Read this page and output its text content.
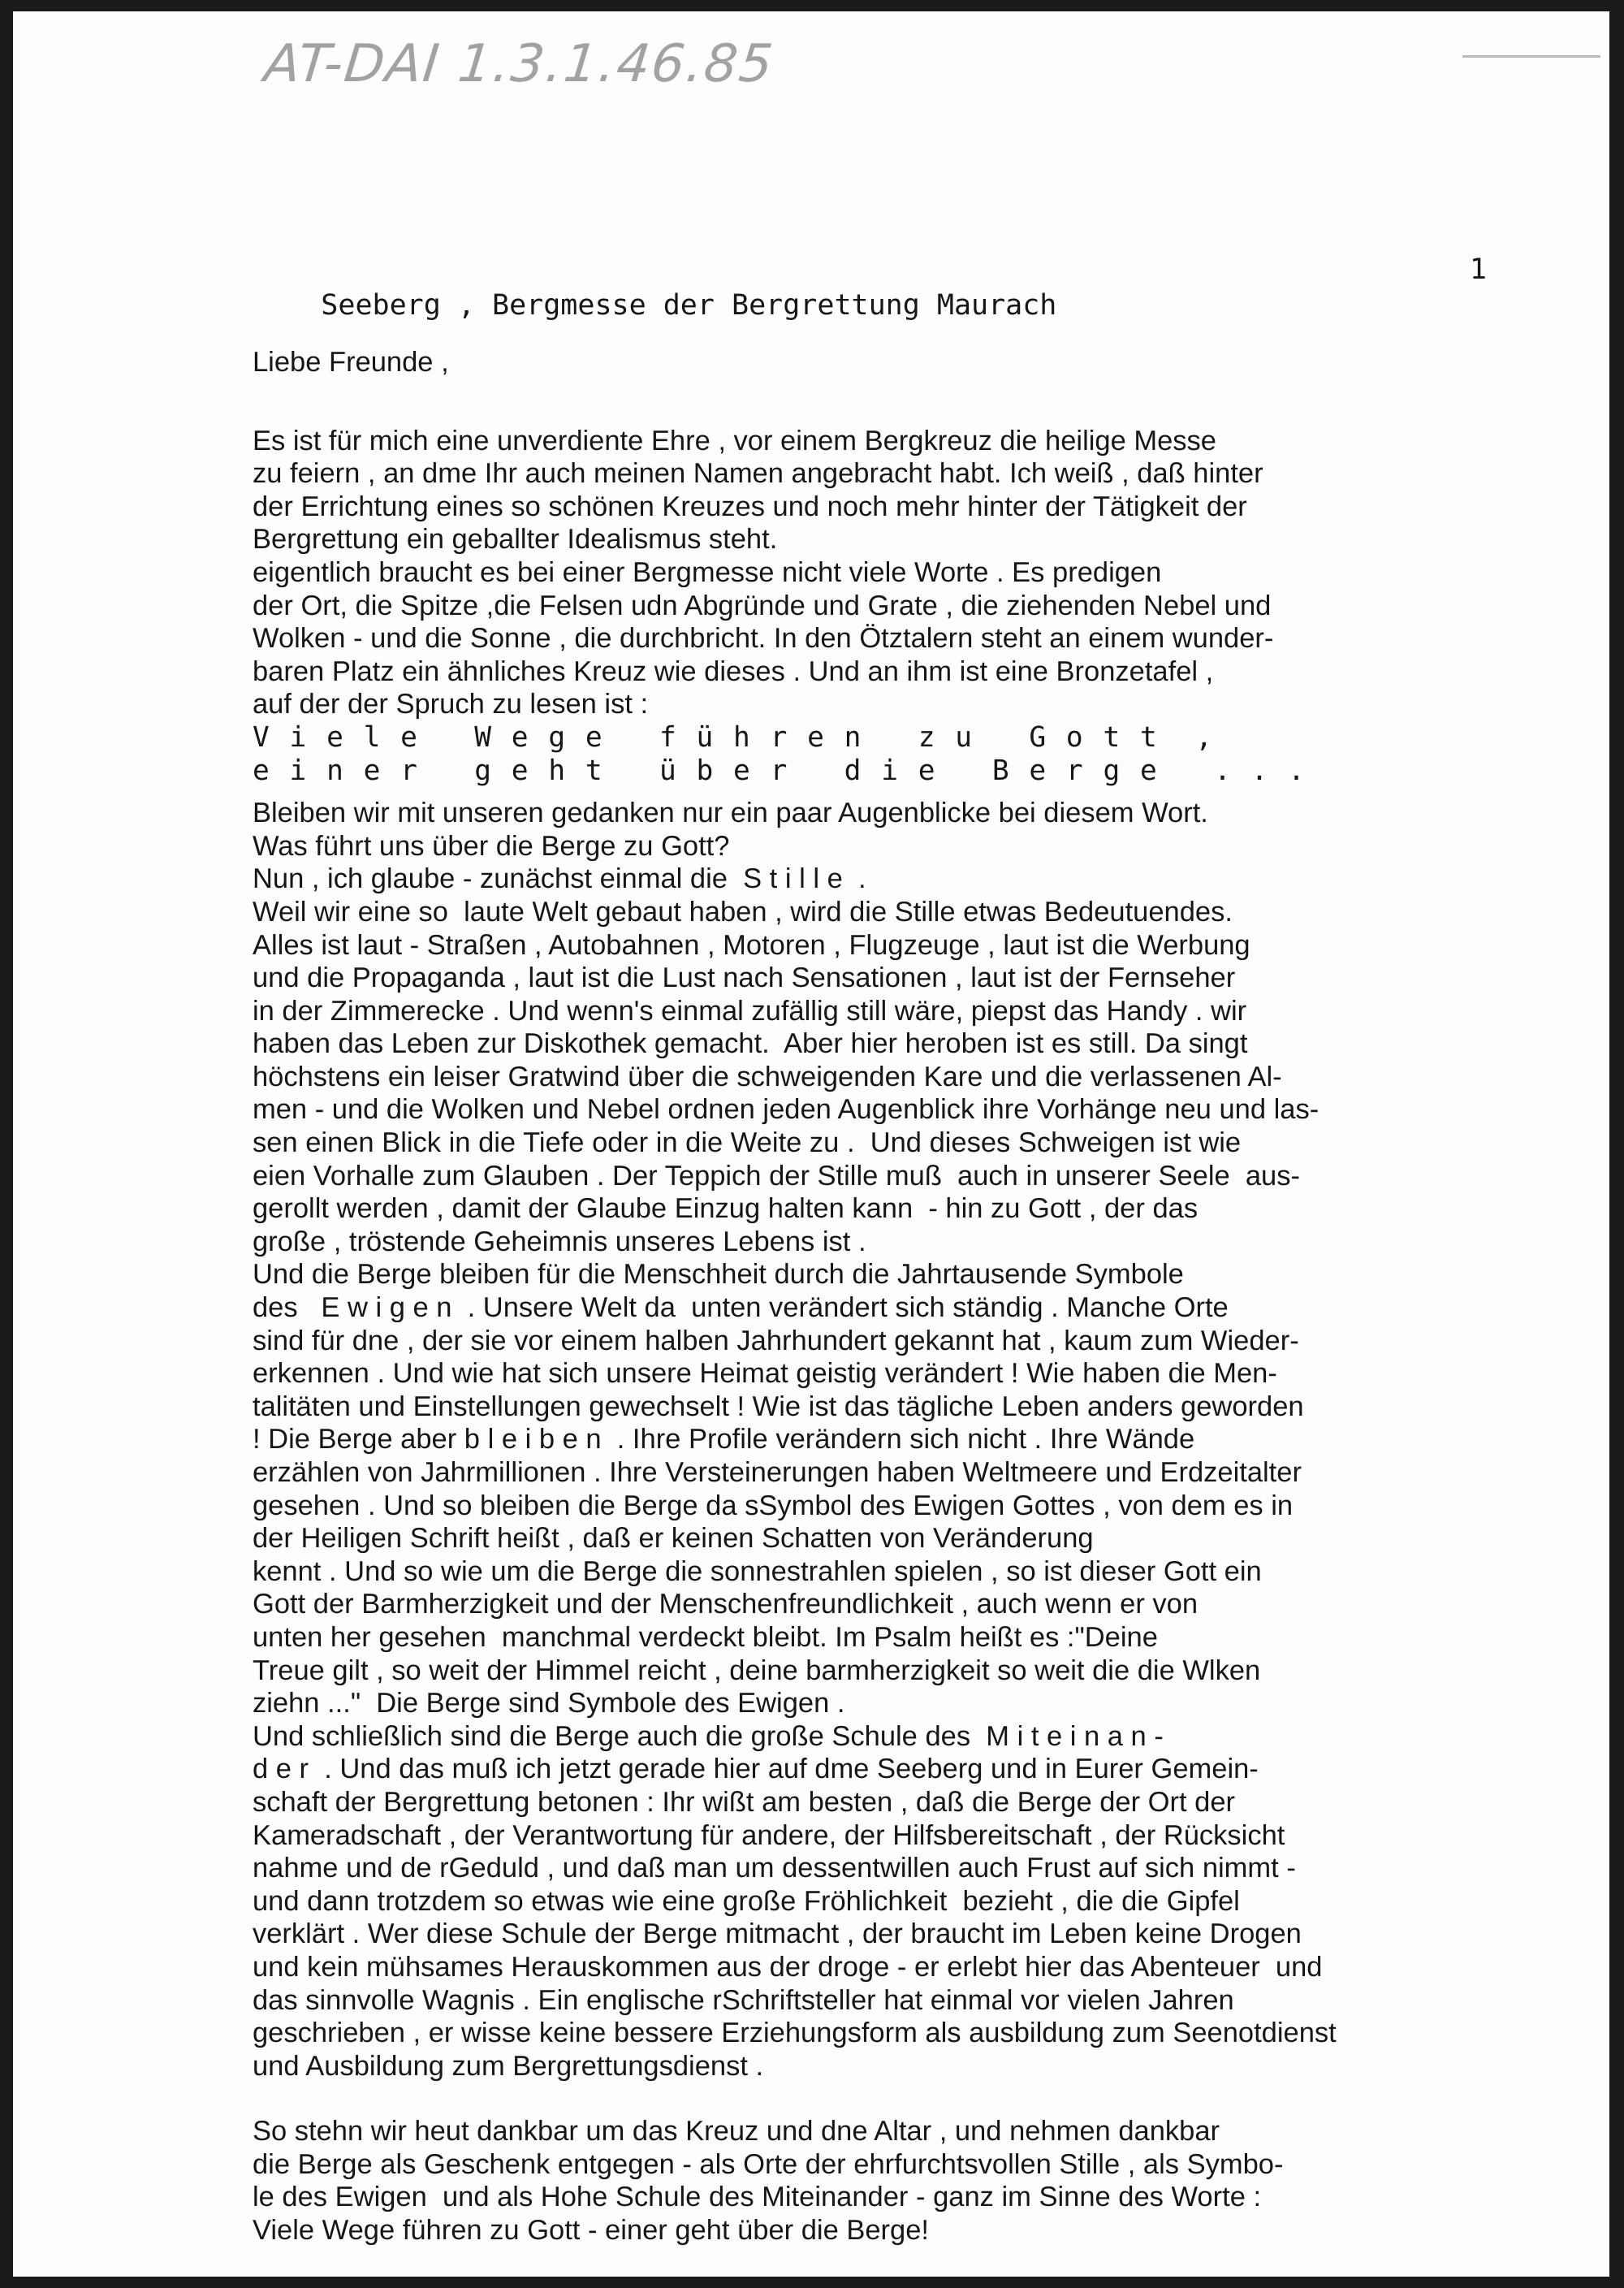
AT-DAI 1.3.1.46.85

Seeberg , Bergmesse der Bergrettung Maurach

1

Liebe Freunde ,

Es ist für mich eine unverdiente Ehre , vor einem Bergkreuz die heilige Messe

zu feiern , an dme Ihr auch meinen Namen angebracht habt. Ich weiß , daß hinter

der Errichtung eines so schönen Kreuzes und noch mehr hinter der Tätigkeit der

Bergrettung ein geballter Idealismus steht.

eigentlich braucht es bei einer Bergmesse nicht viele Worte . Es predigen

der Ort, die Spitze ,die Felsen udn Abgründe und Grate , die ziehenden Nebel und

Wolken - und die Sonne , die durchbricht. In den Ötztalern steht an einem wunder-

baren Platz ein ähnliches Kreuz wie dieses . Und an ihm ist eine Bronzetafel ,

auf der der Spruch zu lesen ist :

V i e l e   W e g e   f ü h r e n   z u   G o t t  ,

e i n e r   g e h t   ü b e r   d i e   B e r g e   . . .

Bleiben wir mit unseren gedanken nur ein paar Augenblicke bei diesem Wort.

Was führt uns über die Berge zu Gott?

Nun , ich glaube - zunächst einmal die  S t i l l e  .

Weil wir eine so  laute Welt gebaut haben , wird die Stille etwas Bedeutuendes.

Alles ist laut - Straßen , Autobahnen , Motoren , Flugzeuge , laut ist die Werbung

und die Propaganda , laut ist die Lust nach Sensationen , laut ist der Fernseher

in der Zimmerecke . Und wenn's einmal zufällig still wäre, piepst das Handy . wir

haben das Leben zur Diskothek gemacht.  Aber hier heroben ist es still. Da singt

höchstens ein leiser Gratwind über die schweigenden Kare und die verlassenen Al-

men - und die Wolken und Nebel ordnen jeden Augenblick ihre Vorhänge neu und las-

sen einen Blick in die Tiefe oder in die Weite zu .  Und dieses Schweigen ist wie

eien Vorhalle zum Glauben . Der Teppich der Stille muß  auch in unserer Seele  aus-

gerollt werden , damit der Glaube Einzug halten kann  - hin zu Gott , der das

große , tröstende Geheimnis unseres Lebens ist .

Und die Berge bleiben für die Menschheit durch die Jahrtausende Symbole

des   E w i g e n  . Unsere Welt da  unten verändert sich ständig . Manche Orte

sind für dne , der sie vor einem halben Jahrhundert gekannt hat , kaum zum Wieder-

erkennen . Und wie hat sich unsere Heimat geistig verändert ! Wie haben die Men-

talitäten und Einstellungen gewechselt ! Wie ist das tägliche Leben anders geworden

! Die Berge aber b l e i b e n  . Ihre Profile verändern sich nicht . Ihre Wände

erzählen von Jahrmillionen . Ihre Versteinerungen haben Weltmeere und Erdzeitalter

gesehen . Und so bleiben die Berge da sSymbol des Ewigen Gottes , von dem es in

der Heiligen Schrift heißt , daß er keinen Schatten von Veränderung

kennt . Und so wie um die Berge die sonnestrahlen spielen , so ist dieser Gott ein

Gott der Barmherzigkeit und der Menschenfreundlichkeit , auch wenn er von

unten her gesehen  manchmal verdeckt bleibt. Im Psalm heißt es :"Deine

Treue gilt , so weit der Himmel reicht , deine barmherzigkeit so weit die die Wlken

ziehn ..."  Die Berge sind Symbole des Ewigen .

Und schließlich sind die Berge auch die große Schule des  M i t e i n a n -

d e r  . Und das muß ich jetzt gerade hier auf dme Seeberg und in Eurer Gemein-

schaft der Bergrettung betonen : Ihr wißt am besten , daß die Berge der Ort der

Kameradschaft , der Verantwortung für andere, der Hilfsbereitschaft , der Rücksicht

nahme und de rGeduld , und daß man um dessentwillen auch Frust auf sich nimmt -

und dann trotzdem so etwas wie eine große Fröhlichkeit  bezieht , die die Gipfel

verklärt . Wer diese Schule der Berge mitmacht , der braucht im Leben keine Drogen

und kein mühsames Herauskommen aus der droge - er erlebt hier das Abenteuer  und

das sinnvolle Wagnis . Ein englische rSchriftsteller hat einmal vor vielen Jahren

geschrieben , er wisse keine bessere Erziehungsform als ausbildung zum Seenotdienst

und Ausbildung zum Bergrettungsdienst .

So stehn wir heut dankbar um das Kreuz und dne Altar , und nehmen dankbar

die Berge als Geschenk entgegen - als Orte der ehrfurchtsvollen Stille , als Symbo-

le des Ewigen  und als Hohe Schule des Miteinander - ganz im Sinne des Worte :

Viele Wege führen zu Gott - einer geht über die Berge!
